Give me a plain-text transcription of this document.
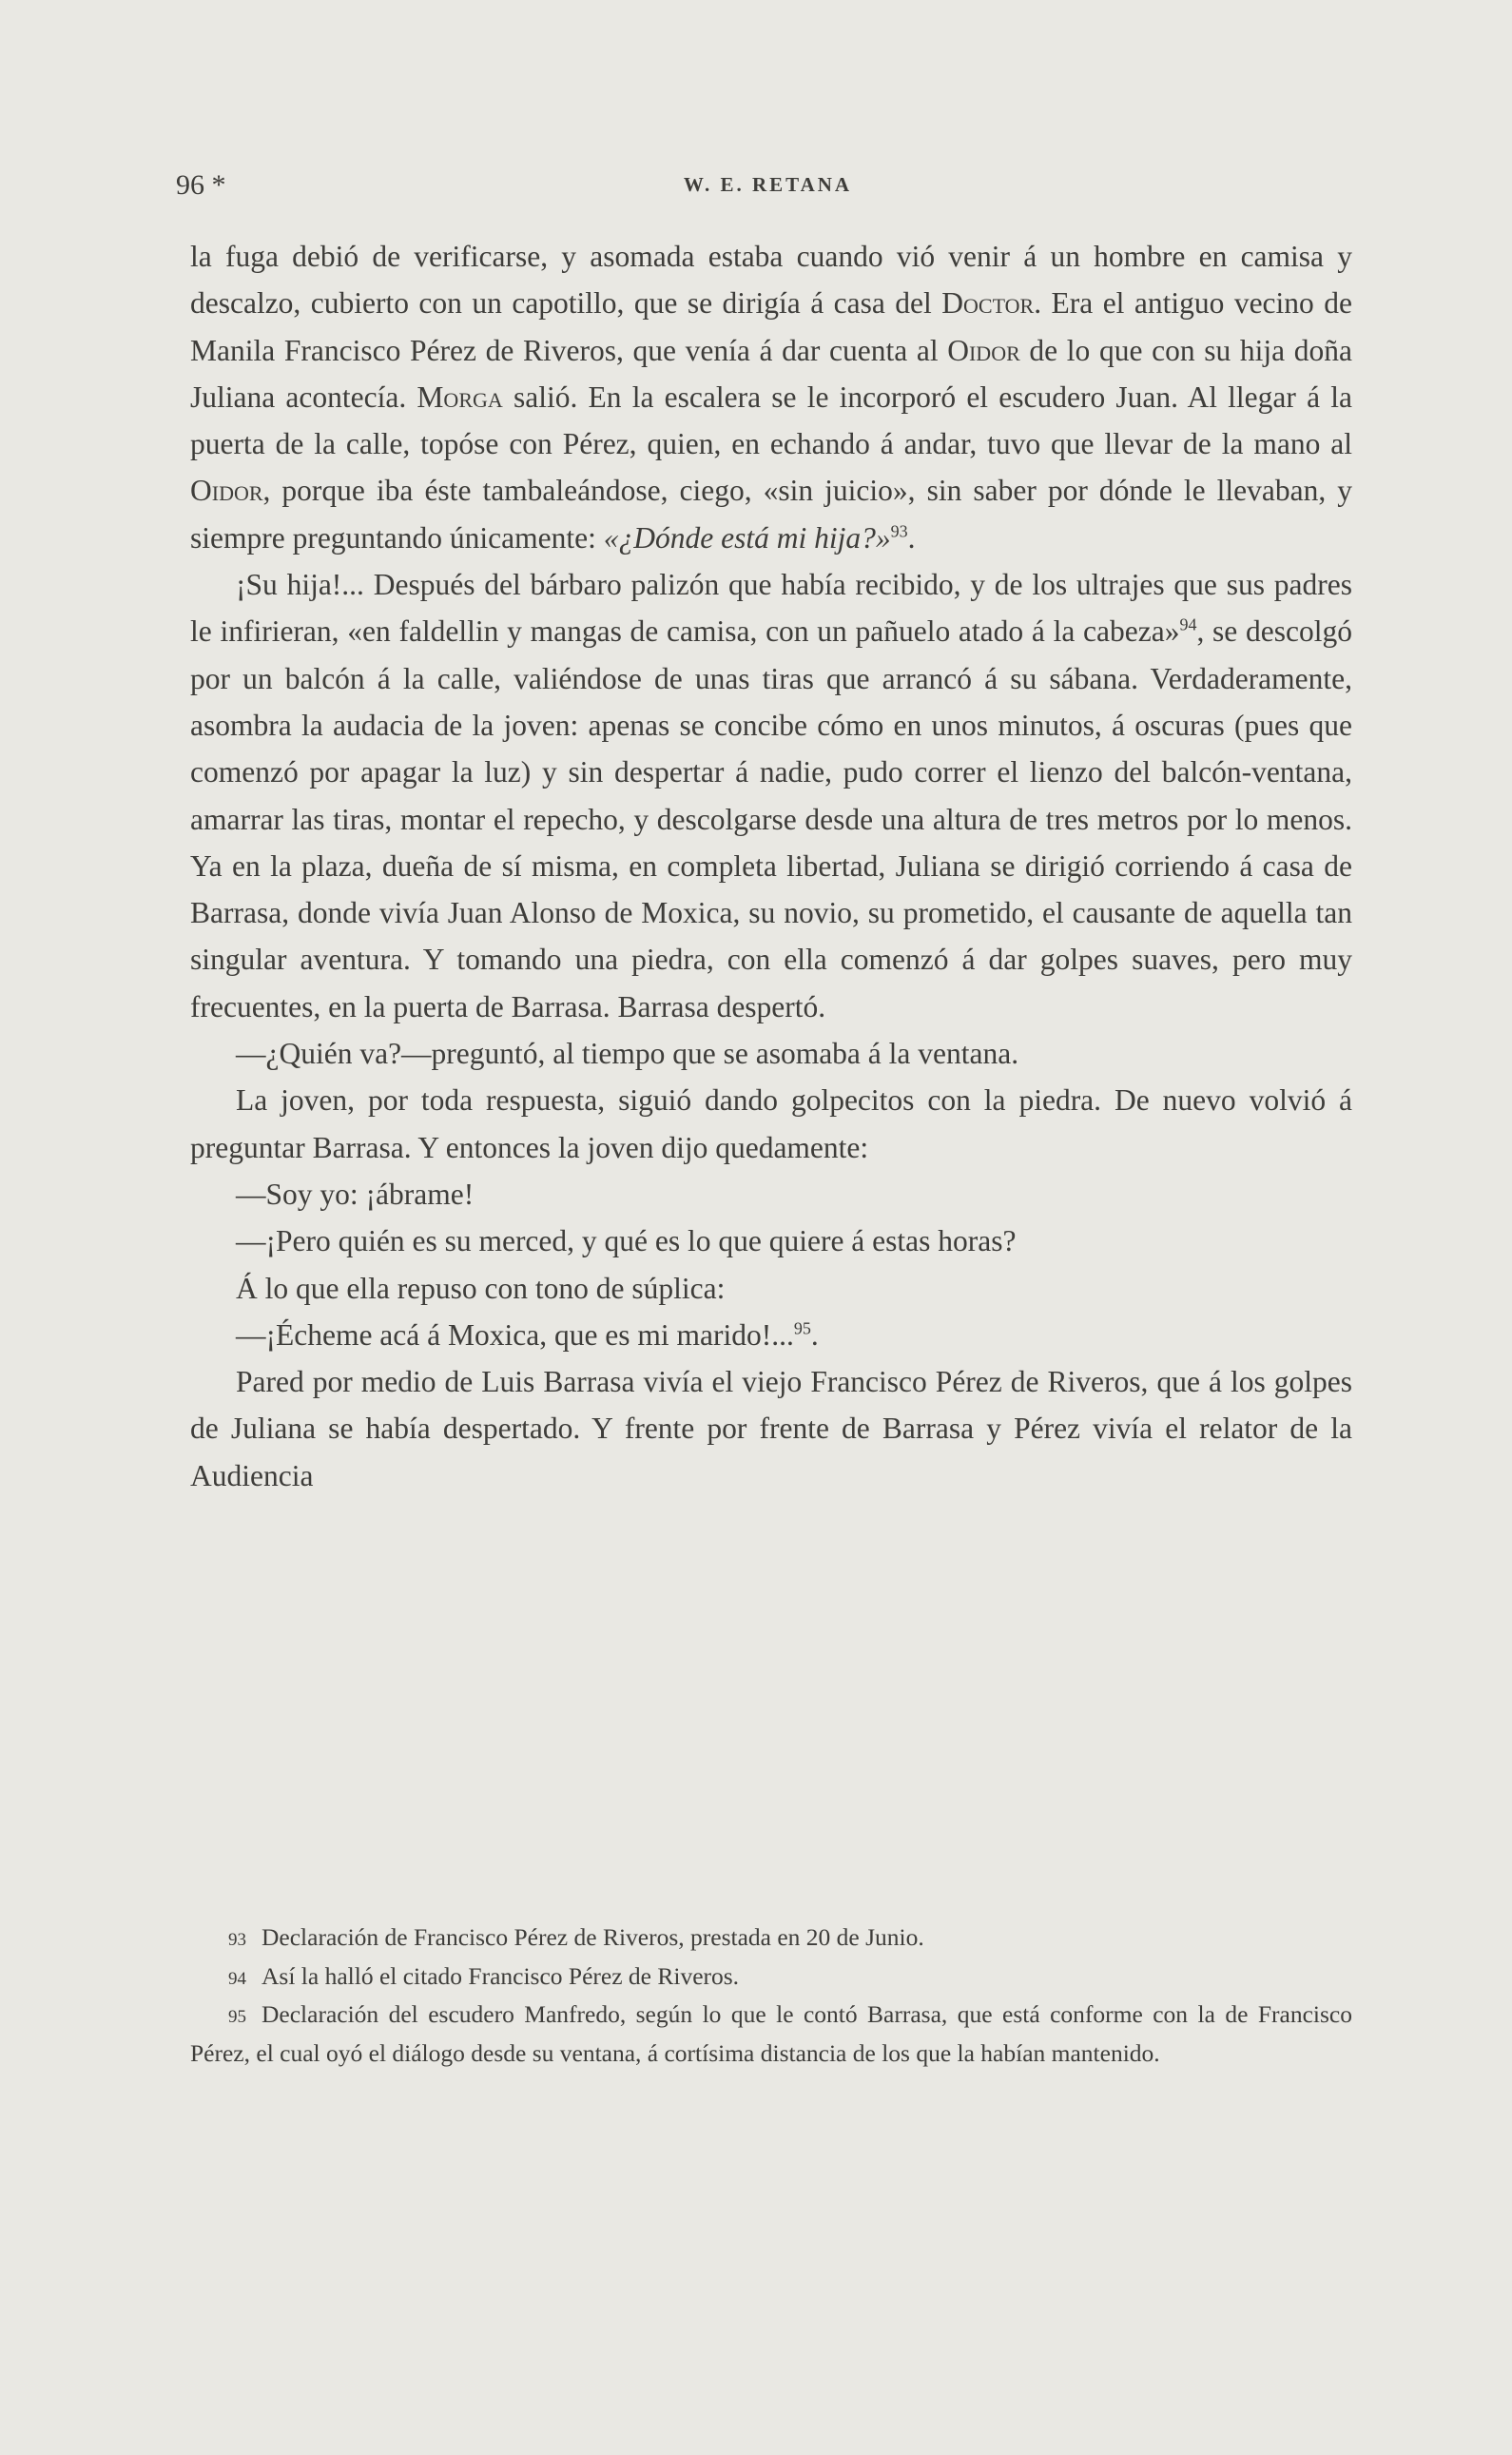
96 *	W. E. RETANA

la fuga debió de verificarse, y asomada estaba cuando vió venir á un hombre en camisa y descalzo, cubierto con un capotillo, que se dirigía á casa del Doctor. Era el antiguo vecino de Manila Francisco Pérez de Riveros, que venía á dar cuenta al Oidor de lo que con su hija doña Juliana acontecía. Morga salió. En la escalera se le incorporó el escudero Juan. Al llegar á la puerta de la calle, topóse con Pérez, quien, en echando á andar, tuvo que llevar de la mano al Oidor, porque iba éste tambaleándose, ciego, «sin juicio», sin saber por dónde le llevaban, y siempre preguntando únicamente: «¿Dónde está mi hija?»$^{93}$.

¡Su hija!... Después del bárbaro palizón que había recibido, y de los ultrajes que sus padres le infirieran, «en faldellin y mangas de camisa, con un pañuelo atado á la cabeza»$^{94}$, se descolgó por un balcón á la calle, valiéndose de unas tiras que arrancó á su sábana. Verdaderamente, asombra la audacia de la joven: apenas se concibe cómo en unos minutos, á oscuras (pues que comenzó por apagar la luz) y sin despertar á nadie, pudo correr el lienzo del balcón-ventana, amarrar las tiras, montar el repecho, y descolgarse desde una altura de tres metros por lo menos. Ya en la plaza, dueña de sí misma, en completa libertad, Juliana se dirigió corriendo á casa de Barrasa, donde vivía Juan Alonso de Moxica, su novio, su prometido, el causante de aquella tan singular aventura. Y tomando una piedra, con ella comenzó á dar golpes suaves, pero muy frecuentes, en la puerta de Barrasa. Barrasa despertó.

—¿Quién va?—preguntó, al tiempo que se asomaba á la ventana.

La joven, por toda respuesta, siguió dando golpecitos con la piedra. De nuevo volvió á preguntar Barrasa. Y entonces la joven dijo quedamente:

—Soy yo: ¡ábrame!

—¡Pero quién es su merced, y qué es lo que quiere á estas horas?

Á lo que ella repuso con tono de súplica:

—¡Écheme acá á Moxica, que es mi marido!...$^{95}$.

Pared por medio de Luis Barrasa vivía el viejo Francisco Pérez de Riveros, que á los golpes de Juliana se había despertado. Y frente por frente de Barrasa y Pérez vivía el relator de la Audiencia

93 Declaración de Francisco Pérez de Riveros, prestada en 20 de Junio.

94 Así la halló el citado Francisco Pérez de Riveros.

95 Declaración del escudero Manfredo, según lo que le contó Barrasa, que está conforme con la de Francisco Pérez, el cual oyó el diálogo desde su ventana, á cortísima distancia de los que la habían mantenido.
